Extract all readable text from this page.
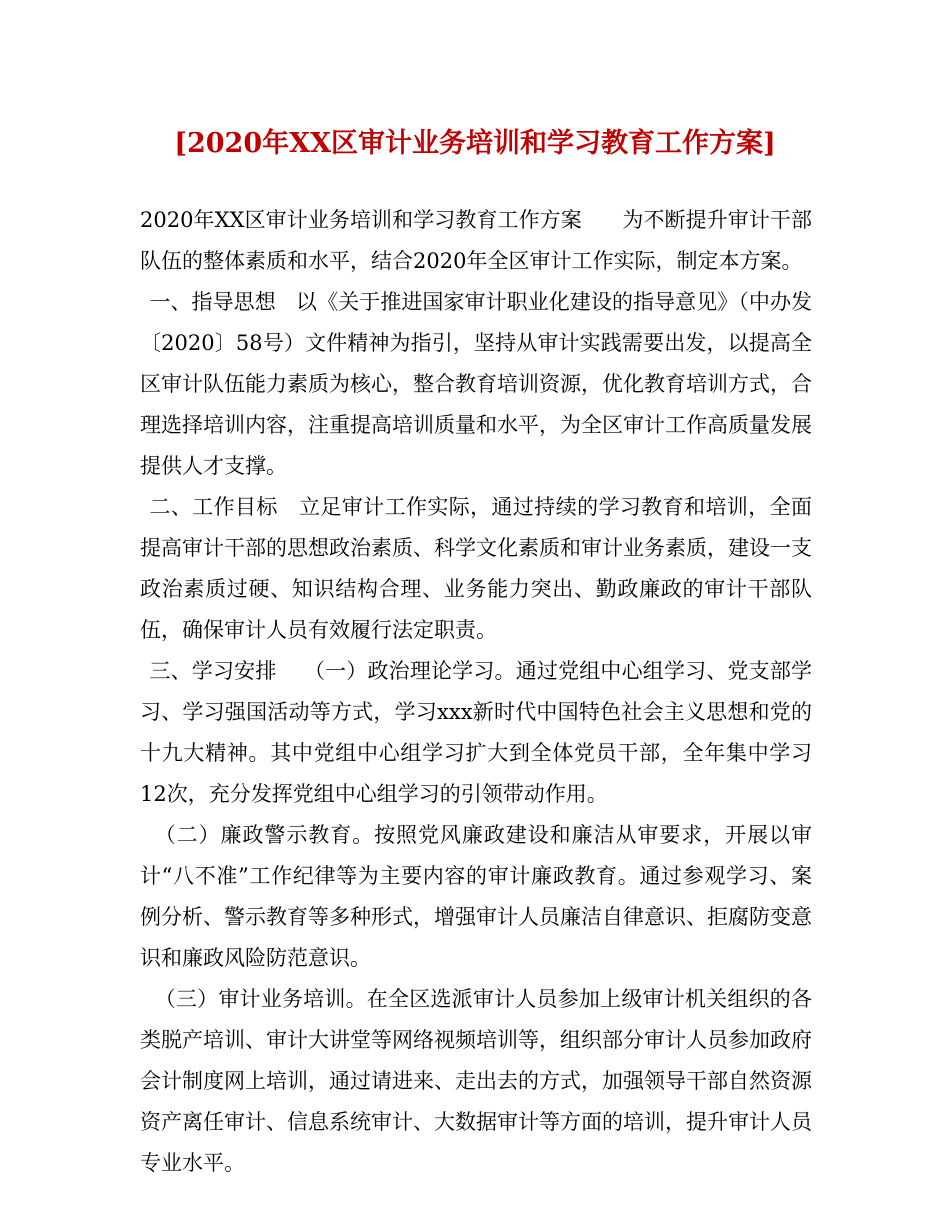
[2020年XX区审计业务培训和学习教育工作方案]

2020年XX区审计业务培训和学习教育工作方案 为不断提升审计干部队伍的整体素质和水平，结合2020年全区审计工作实际，制定本方案。

一、指导思想 以《关于推进国家审计职业化建设的指导意见》（中办发〔2020〕58号）文件精神为指引，坚持从审计实践需要出发，以提高全区审计队伍能力素质为核心，整合教育培训资源，优化教育培训方式，合理选择培训内容，注重提高培训质量和水平，为全区审计工作高质量发展提供人才支撑。

二、工作目标 立足审计工作实际，通过持续的学习教育和培训，全面提高审计干部的思想政治素质、科学文化素质和审计业务素质，建设一支政治素质过硬、知识结构合理、业务能力突出、勤政廉政的审计干部队伍，确保审计人员有效履行法定职责。

三、学习安排 （一）政治理论学习。通过党组中心组学习、党支部学习、学习强国活动等方式，学习xxx新时代中国特色社会主义思想和党的十九大精神。其中党组中心组学习扩大到全体党员干部，全年集中学习12次，充分发挥党组中心组学习的引领带动作用。

（二）廉政警示教育。按照党风廉政建设和廉洁从审要求，开展以审计“八不准”工作纪律等为主要内容的审计廉政教育。通过参观学习、案例分析、警示教育等多种形式，增强审计人员廉洁自律意识、拒腐防变意识和廉政风险防范意识。

（三）审计业务培训。在全区选派审计人员参加上级审计机关组织的各类脱产培训、审计大讲堂等网络视频培训等，组织部分审计人员参加政府会计制度网上培训，通过请进来、走出去的方式，加强领导干部自然资源资产离任审计、信息系统审计、大数据审计等方面的培训，提升审计人员专业水平。
